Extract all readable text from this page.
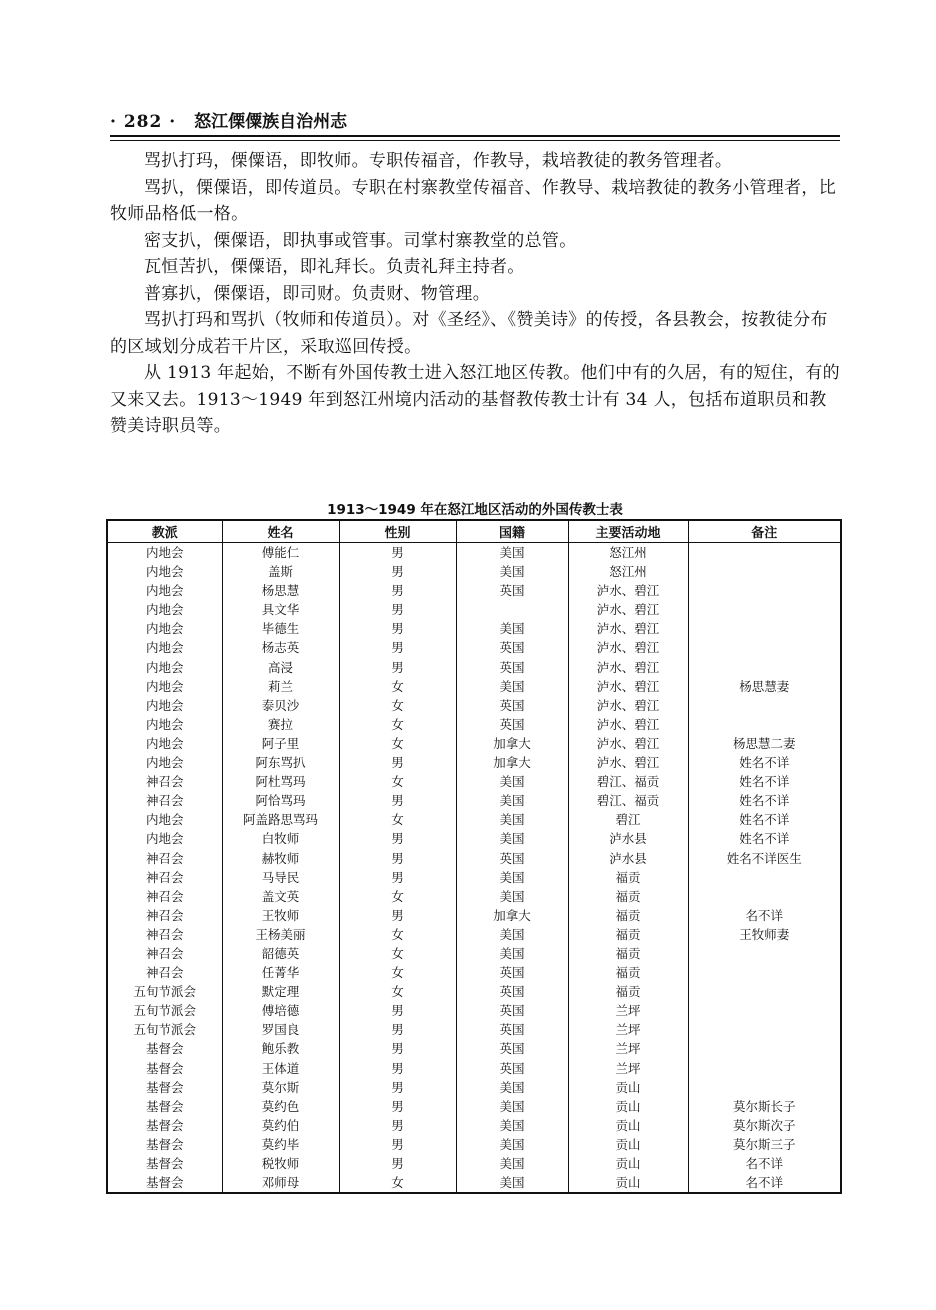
· 282 · 怒江傈僳族自治州志

骂扒打玛，傈僳语，即牧师。专职传福音，作教导，栽培教徒的教务管理者。

骂扒，傈僳语，即传道员。专职在村寨教堂传福音、作教导、栽培教徒的教务小管理者，比牧师品格低一格。

密支扒，傈僳语，即执事或管事。司掌村寨教堂的总管。

瓦恒苦扒，傈僳语，即礼拜长。负责礼拜主持者。

普寡扒，傈僳语，即司财。负责财、物管理。

骂扒打玛和骂扒（牧师和传道员）。对《圣经》、《赞美诗》的传授，各县教会，按教徒分布的区域划分成若干片区，采取巡回传授。

从 1913 年起始，不断有外国传教士进入怒江地区传教。他们中有的久居，有的短住，有的又来又去。1913～1949 年到怒江州境内活动的基督教传教士计有 34 人，包括布道职员和教赞美诗职员等。

1913～1949 年在怒江地区活动的外国传教士表
教派	姓名	性别	国籍	主要活动地	备注
内地会	傅能仁	男	美国	怒江州	
内地会	盖斯	男	美国	怒江州	
内地会	杨思慧	男	英国	泸水、碧江	
内地会	具文华	男		泸水、碧江	
内地会	毕德生	男	美国	泸水、碧江	
内地会	杨志英	男	英国	泸水、碧江	
内地会	高浸	男	英国	泸水、碧江	
内地会	莉兰	女	美国	泸水、碧江	杨思慧妻
内地会	泰贝沙	女	英国	泸水、碧江	
内地会	赛拉	女	英国	泸水、碧江	
内地会	阿子里	女	加拿大	泸水、碧江	杨思慧二妻
内地会	阿东骂扒	男	加拿大	泸水、碧江	姓名不详
神召会	阿杜骂玛	女	美国	碧江、福贡	姓名不详
神召会	阿恰骂玛	男	美国	碧江、福贡	姓名不详
内地会	阿盖路思骂玛	女	美国	碧江	姓名不详
内地会	白牧师	男	美国	泸水县	姓名不详
神召会	赫牧师	男	英国	泸水县	姓名不详医生
神召会	马导民	男	美国	福贡	
神召会	盖文英	女	美国	福贡	
神召会	王牧师	男	加拿大	福贡	名不详
神召会	王杨美丽	女	美国	福贡	王牧师妻
神召会	韶德英	女	美国	福贡	
神召会	任菁华	女	英国	福贡	
五旬节派会	默定理	女	英国	福贡	
五旬节派会	傅培德	男	英国	兰坪	
五旬节派会	罗国良	男	英国	兰坪	
基督会	鲍乐教	男	英国	兰坪	
基督会	王体道	男	英国	兰坪	
基督会	莫尔斯	男	美国	贡山	
基督会	莫约色	男	美国	贡山	莫尔斯长子
基督会	莫约伯	男	美国	贡山	莫尔斯次子
基督会	莫约毕	男	美国	贡山	莫尔斯三子
基督会	税牧师	男	美国	贡山	名不详
基督会	邓师母	女	美国	贡山	名不详
